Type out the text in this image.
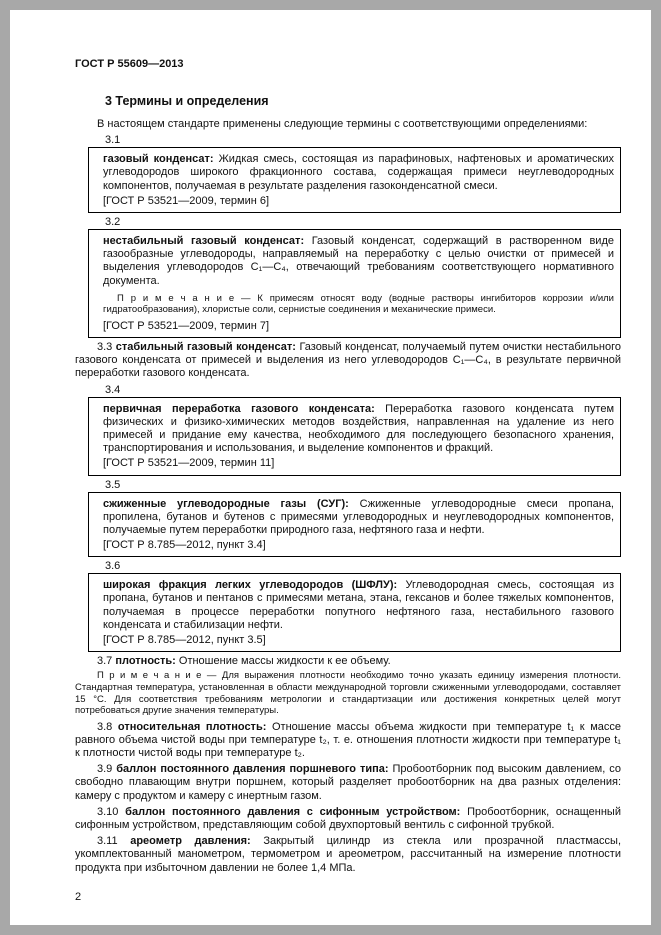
ГОСТ Р 55609—2013
3 Термины и определения

В настоящем стандарте применены следующие термины с соответствующими определениями:

3.1

газовый конденсат: Жидкая смесь, состоящая из парафиновых, нафтеновых и ароматических углеводородов широкого фракционного состава, содержащая примеси неуглеводородных компонентов, получаемая в результате разделения газоконденсатной смеси.

[ГОСТ Р 53521—2009, термин 6]

3.2

нестабильный газовый конденсат: Газовый конденсат, содержащий в растворенном виде газообразные углеводороды, направляемый на переработку с целью очистки от примесей и выделения углеводородов C₁—C₄, отвечающий требованиям соответствующего нормативного документа.

П р и м е ч а н и е — К примесям относят воду (водные растворы ингибиторов коррозии и/или гидратообразования), хлористые соли, сернистые соединения и механические примеси.

[ГОСТ Р 53521—2009, термин 7]

3.3 стабильный газовый конденсат: Газовый конденсат, получаемый путем очистки нестабильного газового конденсата от примесей и выделения из него углеводородов C₁—C₄, в результате первичной переработки газового конденсата.

3.4

первичная переработка газового конденсата: Переработка газового конденсата путем физических и физико-химических методов воздействия, направленная на удаление из него примесей и придание ему качества, необходимого для последующего безопасного хранения, транспортирования и использования, и выделение компонентов и фракций.

[ГОСТ Р 53521—2009, термин 11]

3.5

сжиженные углеводородные газы (СУГ): Сжиженные углеводородные смеси пропана, пропилена, бутанов и бутенов с примесями углеводородных и неуглеводородных компонентов, получаемые путем переработки природного газа, нефтяного газа и нефти.

[ГОСТ Р 8.785—2012, пункт 3.4]

3.6

широкая фракция легких углеводородов (ШФЛУ): Углеводородная смесь, состоящая из пропана, бутанов и пентанов с примесями метана, этана, гексанов и более тяжелых компонентов, получаемая в процессе переработки попутного нефтяного газа, нестабильного газового конденсата и стабилизации нефти.

[ГОСТ Р 8.785—2012, пункт 3.5]

3.7 плотность: Отношение массы жидкости к ее объему.

П р и м е ч а н и е — Для выражения плотности необходимо точно указать единицу измерения плотности. Стандартная температура, установленная в области международной торговли сжиженными углеводородами, составляет 15 °C. Для соответствия требованиям метрологии и стандартизации или достижения конкретных целей могут потребоваться другие значения температуры.

3.8 относительная плотность: Отношение массы объема жидкости при температуре t₁ к массе равного объема чистой воды при температуре t₂, т. е. отношения плотности жидкости при температуре t₁ к плотности чистой воды при температуре t₂.

3.9 баллон постоянного давления поршневого типа: Пробоотборник под высоким давлением, со свободно плавающим внутри поршнем, который разделяет пробоотборник на два разных отделения: камеру с продуктом и камеру с инертным газом.

3.10 баллон постоянного давления с сифонным устройством: Пробоотборник, оснащенный сифонным устройством, представляющим собой двухпортовый вентиль с сифонной трубкой.

3.11 ареометр давления: Закрытый цилиндр из стекла или прозрачной пластмассы, укомплектованный манометром, термометром и ареометром, рассчитанный на измерение плотности продукта при избыточном давлении не более 1,4 МПа.

2
